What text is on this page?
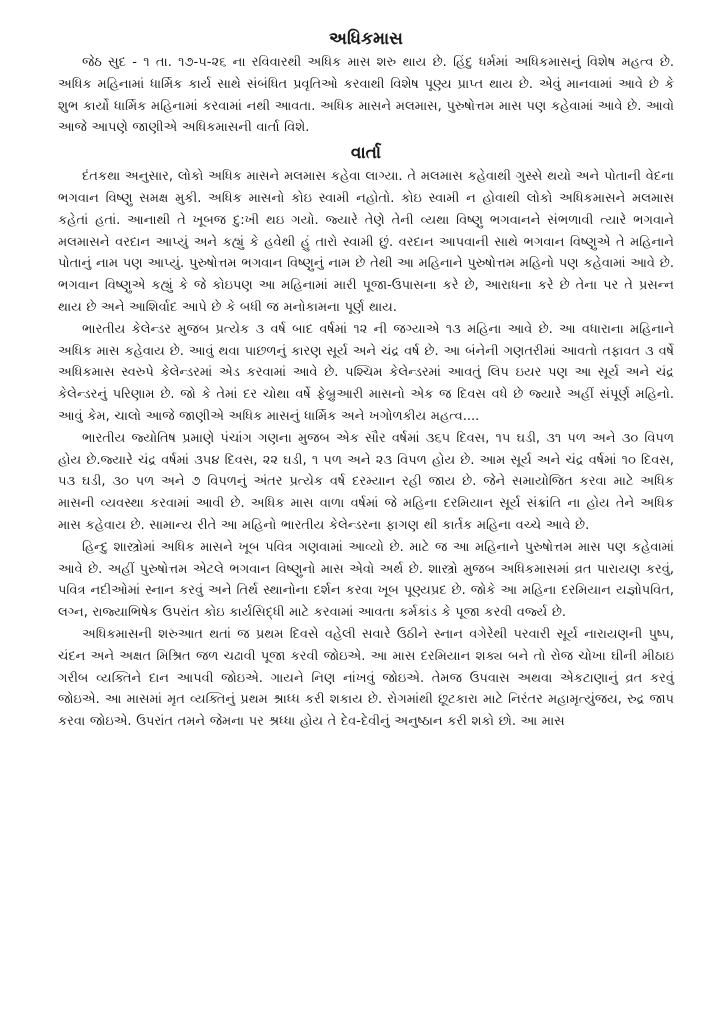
અધિકમાસ

જેઠ સુદ - ૧ તા. ૧૭-૫-૨૬ ના રવિવારથી અધિક માસ શરુ થાય છે. હિંદુ ધર્મમાં અધિકમાસનું વિશેષ મહત્વ છે. અધિક મહિનામાં ધાર્મિક કાર્ય સાથે સંબંધિત પ્રવૃતિઓ કરવાથી વિશેષ પૂણ્ય પ્રાપ્ત થાય છે. એવું માનવામાં આવે છે કે શુભ કાર્યો ધાર્મિક મહિનામાં કરવામાં નથી આવતા. અધિક માસને મલમાસ, પુરુષોત્તમ માસ પણ કહેવામાં આવે છે. આવો આજે આપણે જાણીએ અધિકમાસની વાર્તા વિશે.

વાર્તા

દંતકથા અનુસાર, લોકો અધિક માસને મલમાસ કહેવા લાગ્યા. તે મલમાસ કહેવાથી ગુસ્સે થયો અને પોતાની વેદના ભગવાન વિષ્ણુ સમક્ષ મુકી. અધિક માસનો કોઇ સ્વામી નહોતો. કોઇ સ્વામી ન હોવાથી લોકો અધિકમાસને મલમાસ કહેતાં હતાં. આનાથી તે ખૂબજ દુ:ખી થઇ ગયો. જ્યારે તેણે તેની વ્યથા વિષ્ણુ ભગવાનને સંભળાવી ત્યારે ભગવાને મલમાસને વરદાન આપ્યું અને કહ્યું કે હવેથી હું તારો સ્વામી છું. વરદાન આપવાની સાથે ભગવાન વિષ્ણુએ તે મહિનાને પોતાનું નામ પણ આપ્યું. પુરુષોત્તમ ભગવાન વિષ્ણુનું નામ છે તેથી આ મહિનાને પુરુષોત્તમ મહિનો પણ કહેવામાં આવે છે. ભગવાન વિષ્ણુએ કહ્યું કે જે કોઇપણ આ મહિનામાં મારી પૂજા-ઉપાસના કરે છે, આરાધના કરે છે તેના પર તે પ્રસન્ન થાય છે અને આશિર્વાદ આપે છે કે બધી જ મનોકામના પૂર્ણ થાય.

ભારતીય કેલેન્ડર મુજબ પ્રત્યેક ૩ વર્ષ બાદ વર્ષમાં ૧૨ ની જગ્યાએ ૧૩ મહિના આવે છે. આ વધારાના મહિનાને અધિક માસ કહેવાય છે. આવું થવા પાછળનું કારણ સૂર્ય અને ચંદ્ર વર્ષ છે. આ બંનેની ગણતરીમાં આવતો તફાવત ૩ વર્ષે અધિકમાસ સ્વરુપે કેલેન્ડરમાં એડ કરવામાં આવે છે. પશ્ચિમ કેલેન્ડરમાં આવતું લિપ ઇયર પણ આ સૂર્ય અને ચંદ્ર કેલેન્ડરનું પરિણામ છે. જો કે તેમાં દર ચોથા વર્ષે ફેબ્રુઆરી માસનો એક જ દિવસ વધે છે જ્યારે અહીં સંપૂર્ણ મહિનો. આવું કેમ, ચાલો આજે જાણીએ અધિક માસનું ધાર્મિક અને ખગોળકીય મહત્વ....

ભારતીય જ્યોતિષ પ્રમાણે પંચાંગ ગણના મુજબ એક સૌર વર્ષમાં ૩૬૫ દિવસ, ૧૫ ઘડી, ૩૧ પળ અને ૩૦ વિપળ હોય છે.જ્યારે ચંદ્ર વર્ષમાં ૩૫૪ દિવસ, ૨૨ ઘડી, ૧ પળ અને ૨૩ વિપળ હોય છે. આમ સૂર્ય અને ચંદ્ર વર્ષમાં ૧૦ દિવસ, ૫૩ ઘડી, ૩૦ પળ અને ૭ વિપળનું અંતર પ્રત્યેક વર્ષ દરમ્યાન રહી જાય છે. જેને સમાયોજિત કરવા માટે અધિક માસની વ્યવસ્થા કરવામાં આવી છે. અધિક માસ વાળા વર્ષમાં જે મહિના દરમિયાન સૂર્ય સંક્રાંતિ ના હોય તેને અધિક માસ કહેવાય છે. સામાન્ય રીતે આ મહિનો ભારતીય કેલેન્ડરના ફાગણ થી કાર્તક મહિના વચ્ચે આવે છે.

હિન્દુ શાસ્ત્રોમાં અધિક માસને ખૂબ પવિત્ર ગણવામાં આવ્યો છે. માટે જ આ મહિનાને પુરુષોત્તમ માસ પણ કહેવામાં આવે છે. અહીં પુરુષોત્તમ એટલે ભગવાન વિષ્ણુનો માસ એવો અર્થ છે. શાસ્ત્રો મુજબ અધિકમાસમાં વ્રત પારાયણ કરવું, પવિત્ર નદીઓમાં સ્નાન કરવું અને તિર્થ સ્થાનોના દર્શન કરવા ખૂબ પૂણ્યપ્રદ છે. જોકે આ મહિના દરમિયાન યજ્ઞોપવિત, લગ્ન, રાજ્યાભિષેક ઉપરાંત કોઇ કાર્યસિદ્ધી માટે કરવામાં આવતા કર્મકાંડ કે પૂજા કરવી વર્જ્ય છે.

અધિકમાસની શરુઆત થતાં જ પ્રથમ દિવસે વહેલી સવારે ઉઠીને સ્નાન વગેરેથી પરવારી સૂર્ય નારાયણની પુષ્પ, ચંદન અને અક્ષત મિશ્રિત જળ ચઢાવી પૂજા કરવી જોઇએ. આ માસ દરમિયાન શક્ય બને તો રોજ ચોખા ઘીની મીઠાઇ ગરીબ વ્યક્તિને દાન આપવી જોઇએ. ગાયને નિણ નાંખવું જોઇએ. તેમજ ઉપવાસ અથવા એકટાણાનું વ્રત કરવું જોઇએ. આ માસમાં મૃત વ્યક્તિનું પ્રથમ શ્રાધ્ધ કરી શકાય છે. રોગમાંથી છૂટકારા માટે નિરંતર મહામૃત્યુંજય, રુદ્ર જાપ કરવા જોઇએ. ઉપરાંત તમને જેમના પર શ્રધ્ધા હોય તે દેવ-દેવીનું અનુષ્ઠાન કરી શકો છો. આ માસ
